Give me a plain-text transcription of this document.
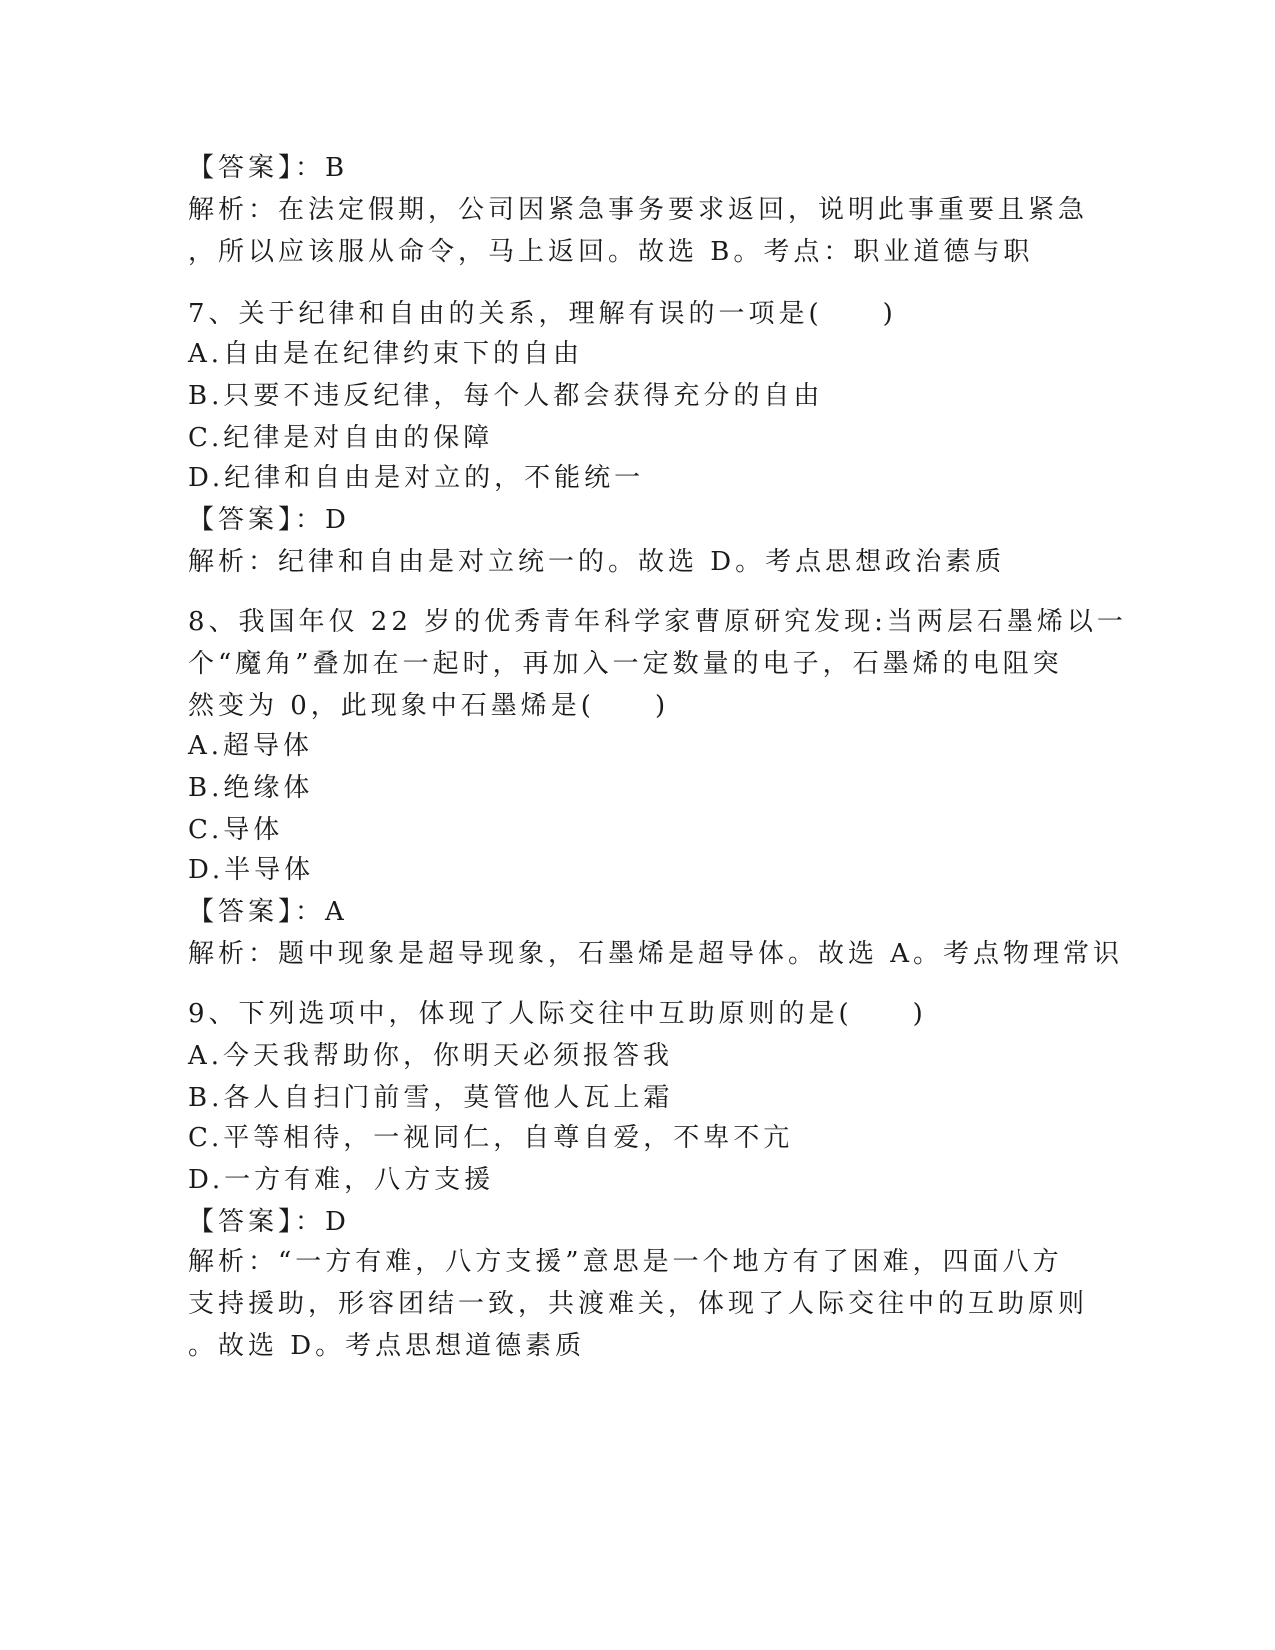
【答案】：B
解析：在法定假期，公司因紧急事务要求返回，说明此事重要且紧急
，所以应该服从命令，马上返回。故选 B。考点：职业道德与职
7、关于纪律和自由的关系，理解有误的一项是(　　)
A.自由是在纪律约束下的自由
B.只要不违反纪律，每个人都会获得充分的自由
C.纪律是对自由的保障
D.纪律和自由是对立的，不能统一
【答案】：D
解析：纪律和自由是对立统一的。故选 D。考点思想政治素质
8、我国年仅 22 岁的优秀青年科学家曹原研究发现:当两层石墨烯以一
个“魔角”叠加在一起时，再加入一定数量的电子，石墨烯的电阻突
然变为 0，此现象中石墨烯是(　　)
A.超导体
B.绝缘体
C.导体
D.半导体
【答案】：A
解析：题中现象是超导现象，石墨烯是超导体。故选 A。考点物理常识
9、下列选项中，体现了人际交往中互助原则的是(　　)
A.今天我帮助你，你明天必须报答我
B.各人自扫门前雪，莫管他人瓦上霜
C.平等相待，一视同仁，自尊自爱，不卑不亢
D.一方有难，八方支援
【答案】：D
解析：“一方有难，八方支援”意思是一个地方有了困难，四面八方
支持援助，形容团结一致，共渡难关，体现了人际交往中的互助原则
。故选 D。考点思想道德素质
